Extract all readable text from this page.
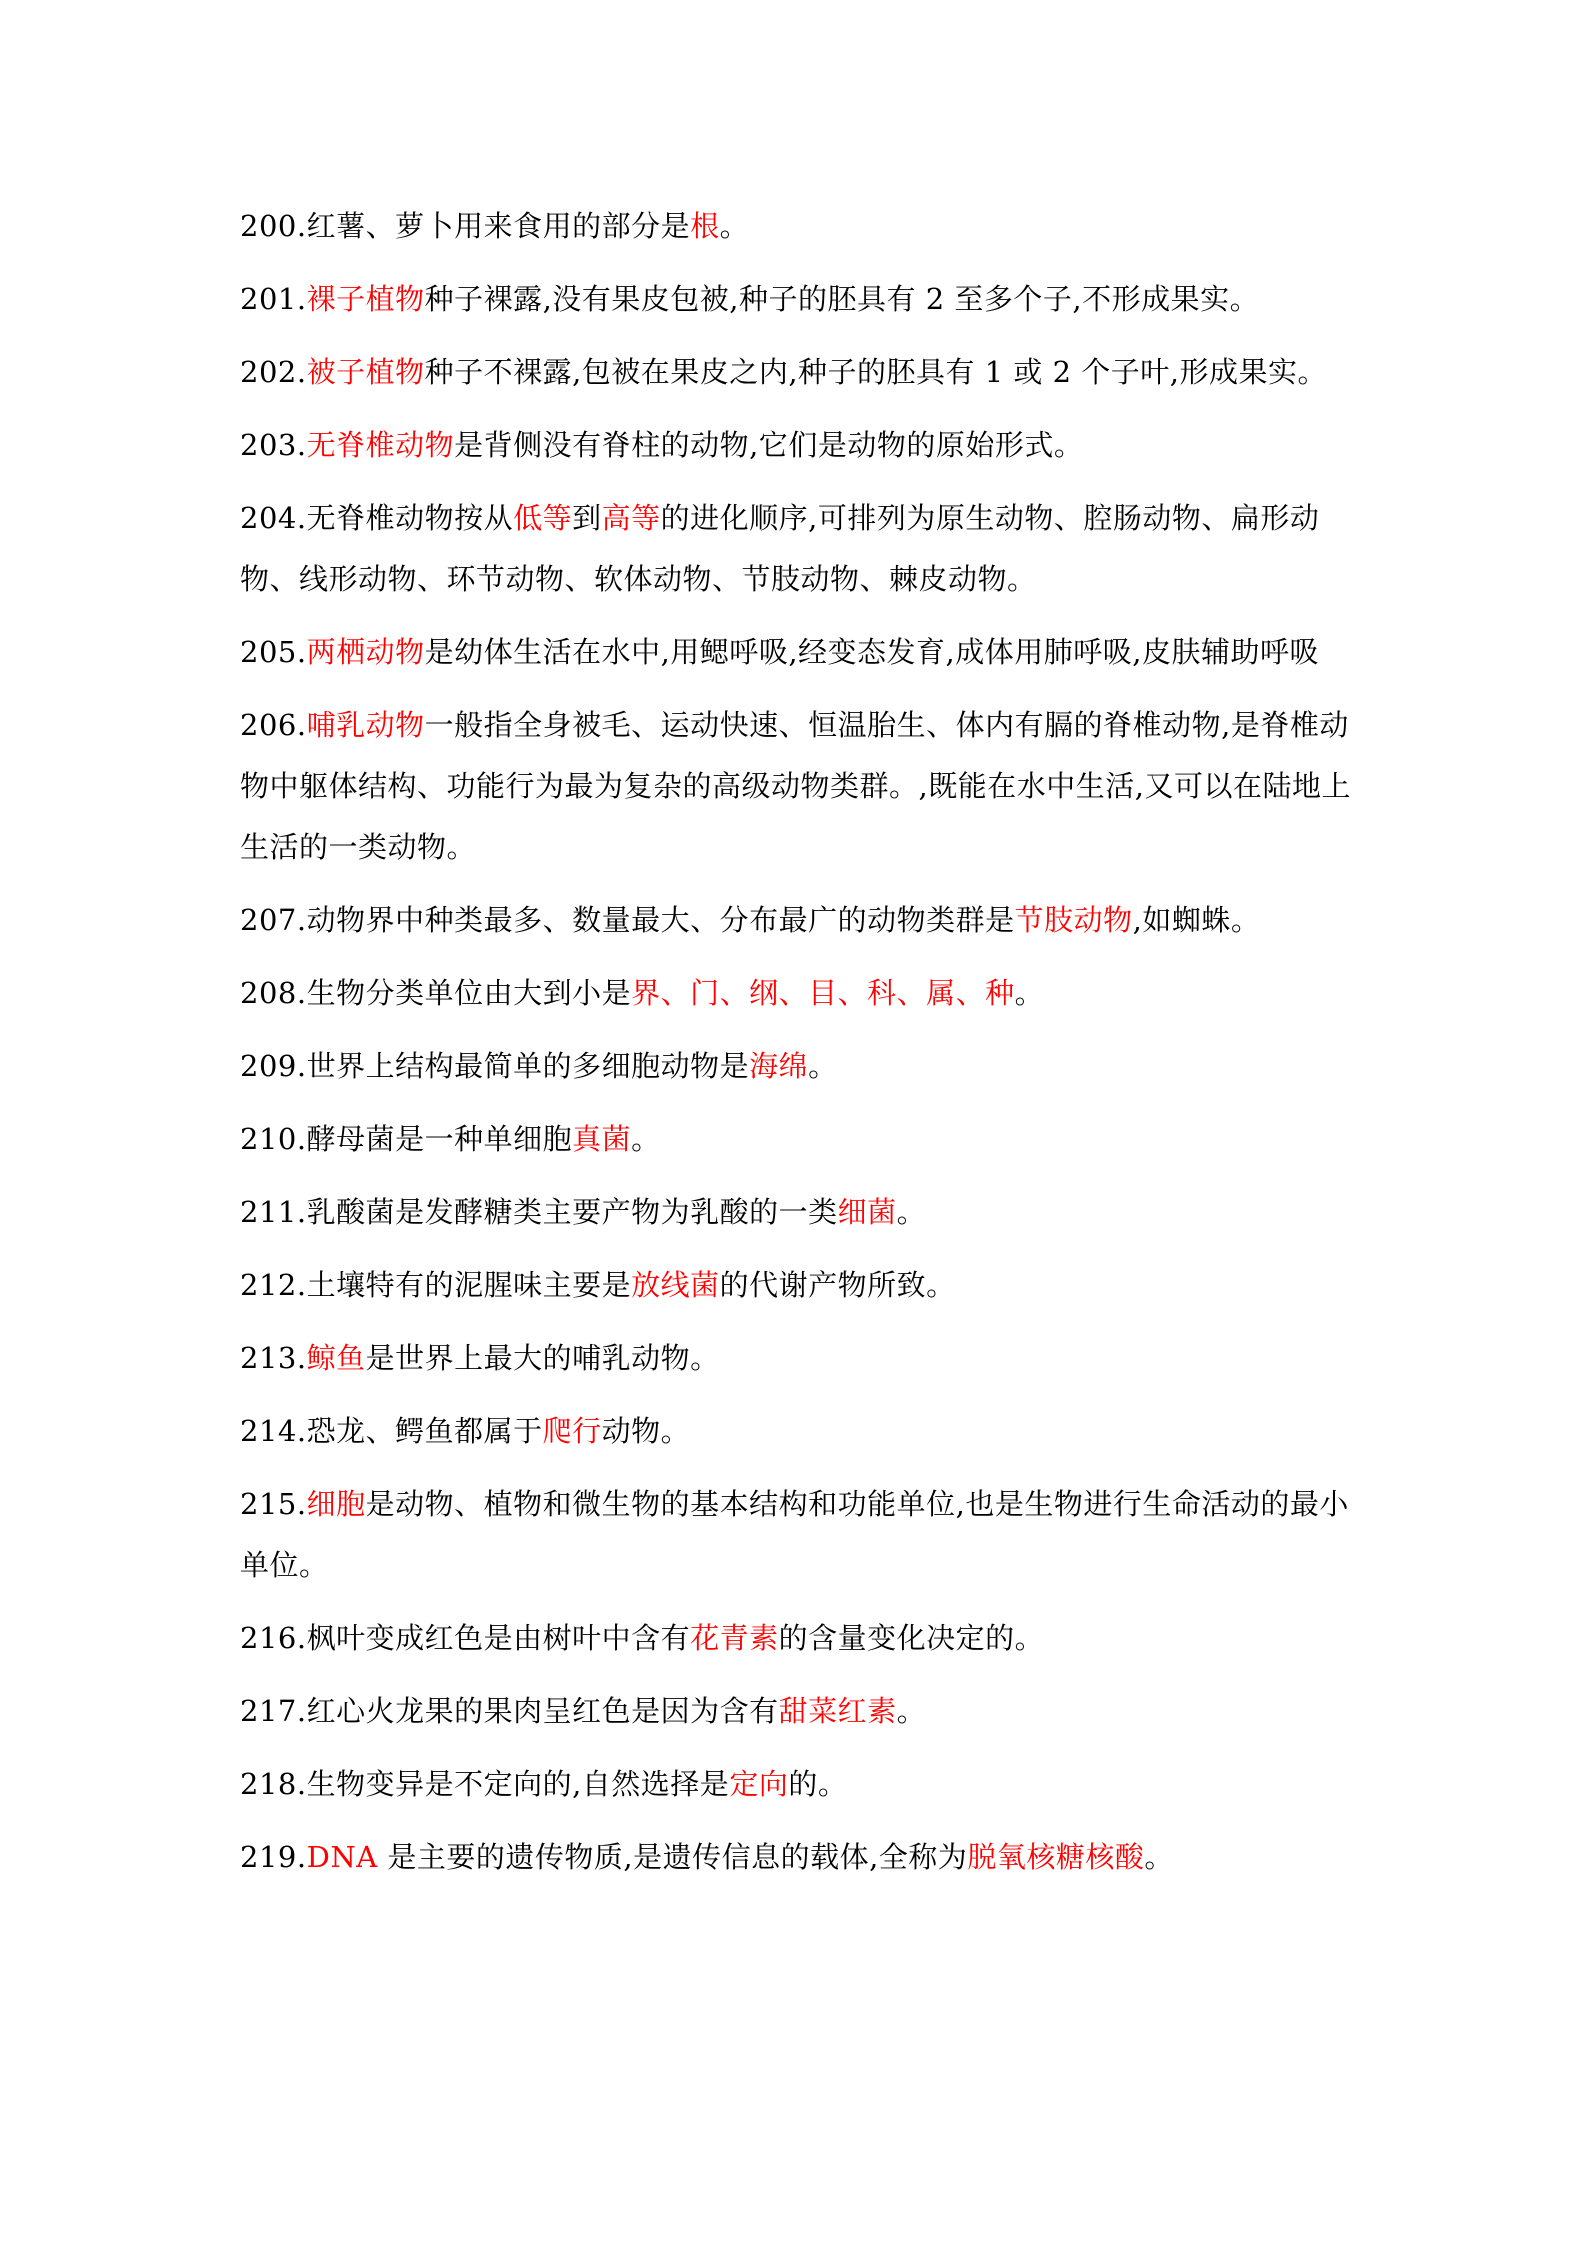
200.红薯、萝卜用来食用的部分是根。

201.裸子植物种子裸露,没有果皮包被,种子的胚具有 2 至多个子,不形成果实。

202.被子植物种子不裸露,包被在果皮之内,种子的胚具有 1 或 2 个子叶,形成果实。

203.无脊椎动物是背侧没有脊柱的动物,它们是动物的原始形式。

204.无脊椎动物按从低等到高等的进化顺序,可排列为原生动物、腔肠动物、扁形动物、线形动物、环节动物、软体动物、节肢动物、棘皮动物。

205.两栖动物是幼体生活在水中,用鳃呼吸,经变态发育,成体用肺呼吸,皮肤辅助呼吸

206.哺乳动物一般指全身被毛、运动快速、恒温胎生、体内有膈的脊椎动物,是脊椎动物中躯体结构、功能行为最为复杂的高级动物类群。,既能在水中生活,又可以在陆地上生活的一类动物。

207.动物界中种类最多、数量最大、分布最广的动物类群是节肢动物,如蜘蛛。

208.生物分类单位由大到小是界、门、纲、目、科、属、种。

209.世界上结构最简单的多细胞动物是海绵。

210.酵母菌是一种单细胞真菌。

211.乳酸菌是发酵糖类主要产物为乳酸的一类细菌。

212.土壤特有的泥腥味主要是放线菌的代谢产物所致。

213.鲸鱼是世界上最大的哺乳动物。

214.恐龙、鳄鱼都属于爬行动物。

215.细胞是动物、植物和微生物的基本结构和功能单位,也是生物进行生命活动的最小单位。

216.枫叶变成红色是由树叶中含有花青素的含量变化决定的。

217.红心火龙果的果肉呈红色是因为含有甜菜红素。

218.生物变异是不定向的,自然选择是定向的。

219.DNA 是主要的遗传物质,是遗传信息的载体,全称为脱氧核糖核酸。
